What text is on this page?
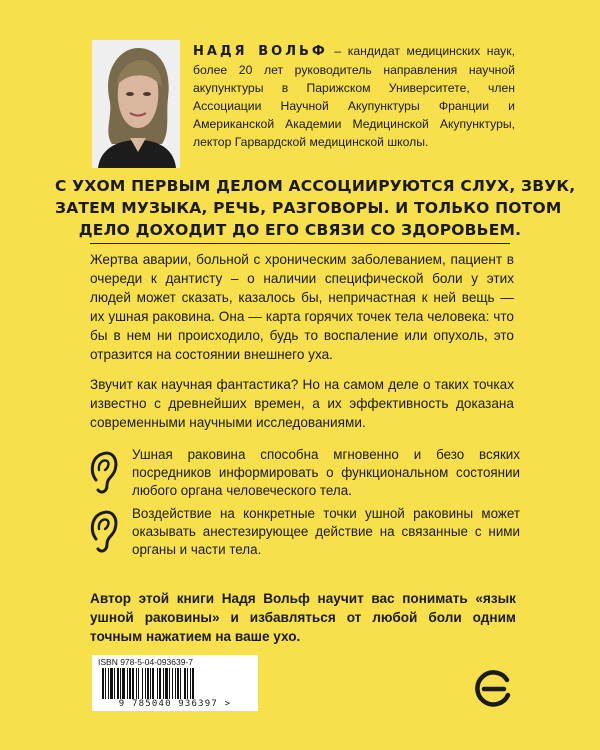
НАДЯ ВОЛЬФ – кандидат медицинских наук, более 20 лет руководитель направления научной акупунктуры в Парижском Университете, член Ассоциации Научной Акупунктуры Франции и Американской Академии Медицинской Акупунктуры, лектор Гарвардской медицинской школы.
С УХОМ ПЕРВЫМ ДЕЛОМ АССОЦИИРУЮТСЯ СЛУХ, ЗВУК,
ЗАТЕМ МУЗЫКА, РЕЧЬ, РАЗГОВОРЫ. И ТОЛЬКО ПОТОМ
ДЕЛО ДОХОДИТ ДО ЕГО СВЯЗИ СО ЗДОРОВЬЕМ.
Жертва аварии, больной с хроническим заболеванием, пациент в очереди к дантисту – о наличии специфической боли у этих людей может сказать, казалось бы, непричастная к ней вещь — их ушная раковина. Она — карта горячих точек тела человека: что бы в нем ни происходило, будь то воспаление или опухоль, это отразится на состоянии внешнего уха.
Звучит как научная фантастика? Но на самом деле о таких точках известно с древнейших времен, а их эффективность доказана современными научными исследованиями.
Ушная раковина способна мгновенно и безо всяких посредников информировать о функциональном состоянии любого органа человеческого тела.
Воздействие на конкретные точки ушной раковины может оказывать анестезирующее действие на связанные с ними органы и части тела.
Автор этой книги Надя Вольф научит вас понимать «язык ушной раковины» и избавляться от любой боли одним точным нажатием на ваше ухо.
ISBN 978-5-04-093639-7
9 785040 936397 >
